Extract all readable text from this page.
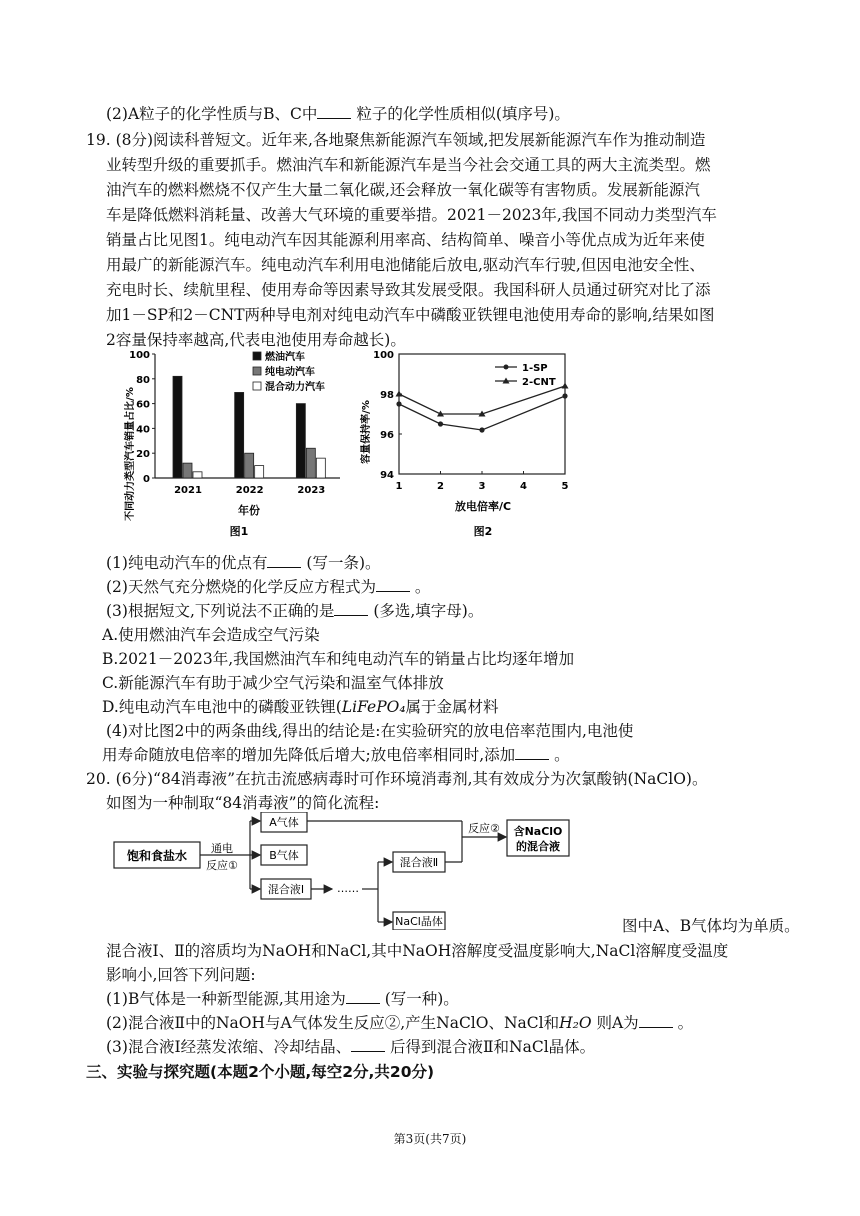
(2)A粒子的化学性质与B、C中 粒子的化学性质相似(填序号)。
19. (8分)阅读科普短文。近年来,各地聚焦新能源汽车领域,把发展新能源汽车作为推动制造
业转型升级的重要抓手。燃油汽车和新能源汽车是当今社会交通工具的两大主流类型。燃
油汽车的燃料燃烧不仅产生大量二氧化碳,还会释放一氧化碳等有害物质。发展新能源汽
车是降低燃料消耗量、改善大气环境的重要举措。2021－2023年,我国不同动力类型汽车
销量占比见图1。纯电动汽车因其能源利用率高、结构简单、噪音小等优点成为近年来使
用最广的新能源汽车。纯电动汽车利用电池储能后放电,驱动汽车行驶,但因电池安全性、
充电时长、续航里程、使用寿命等因素导致其发展受限。我国科研人员通过研究对比了添
加1－SP和2－CNT两种导电剂对纯电动汽车中磷酸亚铁锂电池使用寿命的影响,结果如图
2容量保持率越高,代表电池使用寿命越长)。
0
20
40
60
80
100
2021	2022	2023
燃油汽车
纯电动汽车
混合动力汽车
不同动力类型汽车销量占比/%	年份
图1
94
96
98
100
1	2	3	4	5
1-SP
2-CNT
容量保持率/%
放电倍率/C
图2
(1)纯电动汽车的优点有 (写一条)。
(2)天然气充分燃烧的化学反应方程式为 。
(3)根据短文,下列说法不正确的是 (多选,填字母)。
A.使用燃油汽车会造成空气污染
B.2021－2023年,我国燃油汽车和纯电动汽车的销量占比均逐年增加
C.新能源汽车有助于减少空气污染和温室气体排放
D.纯电动汽车电池中的磷酸亚铁锂(LiFePO₄属于金属材料
(4)对比图2中的两条曲线,得出的结论是:在实验研究的放电倍率范围内,电池使
用寿命随放电倍率的增加先降低后增大;放电倍率相同时,添加 。
20. (6分)“84消毒液”在抗击流感病毒时可作环境消毒剂,其有效成分为次氯酸钠(NaClO)。
如图为一种制取“84消毒液”的简化流程:
饱和食盐水
通电
反应①
A气体
B气体
混合液Ⅰ	……
混合液Ⅱ
NaCl晶体
反应② 含NaClO
的混合液
图中A、B气体均为单质。
混合液Ⅰ、Ⅱ的溶质均为NaOH和NaCl,其中NaOH溶解度受温度影响大,NaCl溶解度受温度
影响小,回答下列问题:
(1)B气体是一种新型能源,其用途为 (写一种)。
(2)混合液Ⅱ中的NaOH与A气体发生反应②,产生NaClO、NaCl和H₂O 则A为 。
(3)混合液Ⅰ经蒸发浓缩、冷却结晶、 后得到混合液Ⅱ和NaCl晶体。
三、实验与探究题(本题2个小题,每空2分,共20分)
第3页(共7页)
